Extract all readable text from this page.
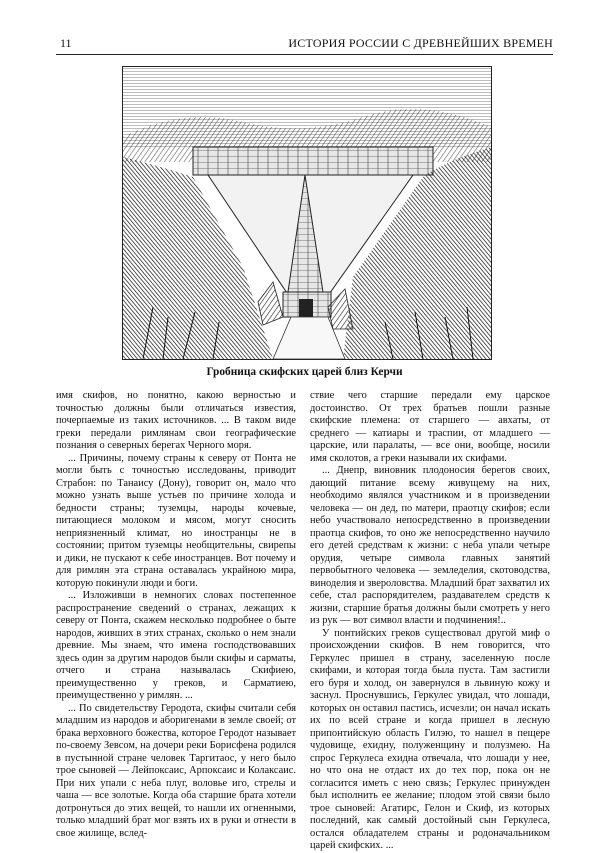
11	ИСТОРИЯ РОССИИ С ДРЕВНЕЙШИХ ВРЕМЕН
Гробница скифских царей близ Керчи

имя скифов, но понятно, какою верностью и точностью должны были отличаться известия, почерпаемые из таких источников. ... В таком виде греки передали римлянам свои географические познания о северных берегах Черного моря.

... Причины, почему страны к северу от Понта не могли быть с точностью исследованы, приводит Страбон: по Танаису (Дону), говорит он, мало что можно узнать выше устьев по причине холода и бедности страны; туземцы, народы кочевые, питающиеся молоком и мясом, могут сносить неприязненный климат, но иностранцы не в состоянии; притом туземцы необщительны, свирепы и дики, не пускают к себе иностранцев. Вот почему и для римлян эта страна оставалась украйною мира, которую покинули люди и боги.

... Изложивши в немногих словах постепенное распространение сведений о странах, лежащих к северу от Понта, скажем несколько подробнее о быте народов, живших в этих странах, сколько о нем знали древние. Мы знаем, что имена господствовавших здесь один за другим народов были скифы и сарматы, отчего и страна называлась Скифиею, преимущественно у греков, и Сарматиею, преимущественно у римлян. ...

... По свидетельству Геродота, скифы считали себя младшим из народов и аборигенами в земле своей; от брака верховного божества, которое Геродот называет по-своему Зевсом, на дочери реки Борисфена родился в пустынной стране человек Таргитаос, у него было трое сыновей — Лейпоксаис, Арпоксаис и Колаксаис. При них упали с неба плуг, воловье иго, стрелы и чаша — все золотые. Когда оба старшие брата хотели дотронуться до этих вещей, то нашли их огненными, только младший брат мог взять их в руки и отнести в свое жилище, вслед-

ствие чего старшие передали ему царское достоинство. От трех братьев пошли разные скифские племена: от старшего — авхаты, от среднего — катиары и траспии, от младшего — царские, или паралаты, — все они, вообще, носили имя сколотов, а греки называли их скифами.

... Днепр, виновник плодоносия берегов своих, дающий питание всему живущему на них, необходимо являлся участником и в произведении человека — он дед, по матери, праотцу скифов; если небо участвовало непосредственно в произведении праотца скифов, то оно же непосредственно научило его детей средствам к жизни: с неба упали четыре орудия, четыре символа главных занятий первобытного человека — земледелия, скотоводства, виноделия и звероловства. Младший брат захватил их себе, стал распорядителем, раздавателем средств к жизни, старшие братья должны были смотреть у него из рук — вот символ власти и подчинения!..

У понтийских греков существовал другой миф о происхождении скифов. В нем говорится, что Геркулес пришел в страну, заселенную после скифами, и которая тогда была пуста. Там застигли его буря и холод, он завернулся в львиную кожу и заснул. Проснувшись, Геркулес увидал, что лошади, которых он оставил пастись, исчезли; он начал искать их по всей стране и когда пришел в лесную припонтийскую область Гилэю, то нашел в пещере чудовище, ехидну, полуженщину и полузмею. На спрос Геркулеса ехидна отвечала, что лошади у нее, но что она не отдаст их до тех пор, пока он не согласится иметь с нею связь; Геркулес принужден был исполнить ее желание; плодом этой связи было трое сыновей: Агатирс, Гелон и Скиф, из которых последний, как самый достойный сын Геркулеса, остался обладателем страны и родоначальником царей скифских. ...
